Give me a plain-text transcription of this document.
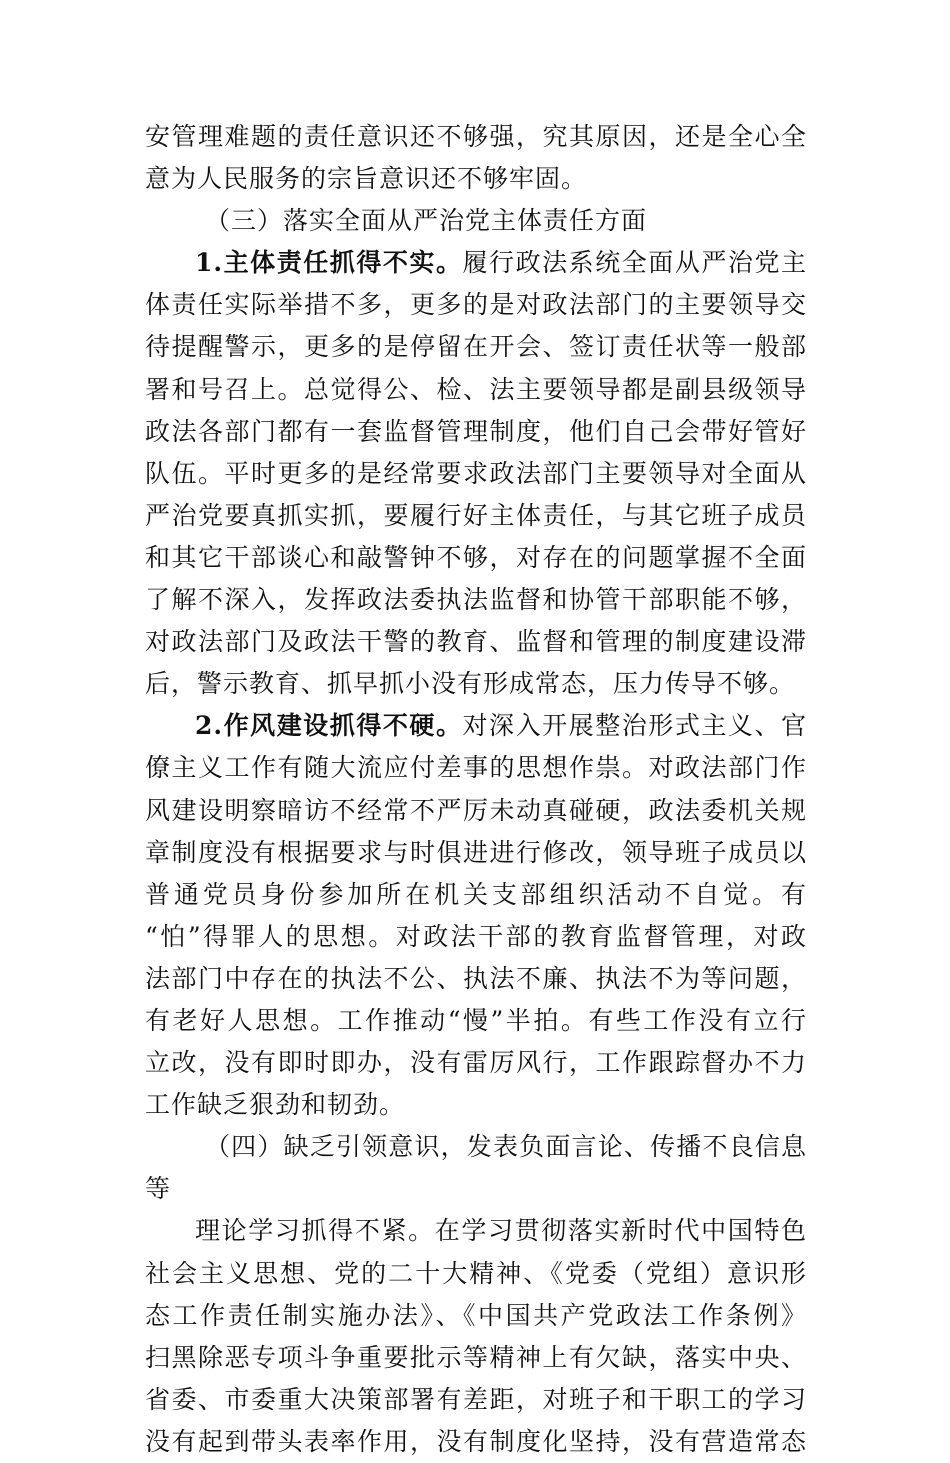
安管理难题的责任意识还不够强，究其原因，还是全心全
意为人民服务的宗旨意识还不够牢固。
（三）落实全面从严治党主体责任方面
1.主体责任抓得不实。履行政法系统全面从严治党主
体责任实际举措不多，更多的是对政法部门的主要领导交
待提醒警示，更多的是停留在开会、签订责任状等一般部
署和号召上。总觉得公、检、法主要领导都是副县级领导
政法各部门都有一套监督管理制度，他们自己会带好管好
队伍。平时更多的是经常要求政法部门主要领导对全面从
严治党要真抓实抓，要履行好主体责任，与其它班子成员
和其它干部谈心和敲警钟不够，对存在的问题掌握不全面
了解不深入，发挥政法委执法监督和协管干部职能不够，
对政法部门及政法干警的教育、监督和管理的制度建设滞
后，警示教育、抓早抓小没有形成常态，压力传导不够。
2.作风建设抓得不硬。对深入开展整治形式主义、官
僚主义工作有随大流应付差事的思想作祟。对政法部门作
风建设明察暗访不经常不严厉未动真碰硬，政法委机关规
章制度没有根据要求与时俱进进行修改，领导班子成员以
普通党员身份参加所在机关支部组织活动不自觉。有
“怕”得罪人的思想。对政法干部的教育监督管理，对政
法部门中存在的执法不公、执法不廉、执法不为等问题，
有老好人思想。工作推动“慢”半拍。有些工作没有立行
立改，没有即时即办，没有雷厉风行，工作跟踪督办不力
工作缺乏狠劲和韧劲。
（四）缺乏引领意识，发表负面言论、传播不良信息
等
理论学习抓得不紧。在学习贯彻落实新时代中国特色
社会主义思想、党的二十大精神、《党委（党组）意识形
态工作责任制实施办法》、《中国共产党政法工作条例》
扫黑除恶专项斗争重要批示等精神上有欠缺，落实中央、
省委、市委重大决策部署有差距，对班子和干职工的学习
没有起到带头表率作用，没有制度化坚持，没有营造常态
